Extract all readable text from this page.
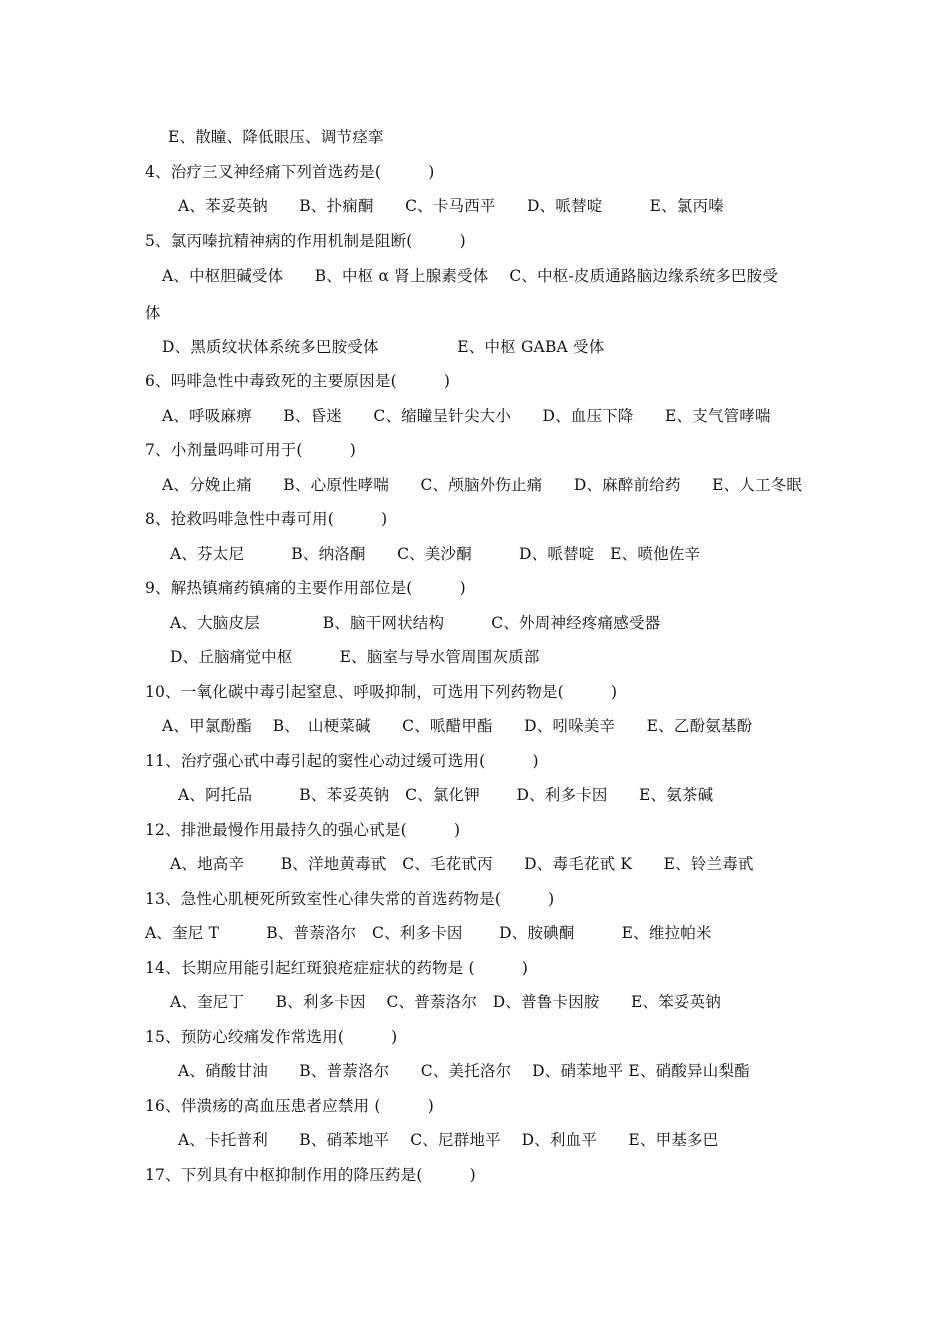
E、散瞳、降低眼压、调节痉挛
4、治疗三叉神经痛下列首选药是(　　　)
A、苯妥英钠　　B、扑痫酮　　C、卡马西平　　D、哌替啶　　　E、氯丙嗪
5、氯丙嗪抗精神病的作用机制是阻断(　　　)
A、中枢胆碱受体　　B、中枢 α 肾上腺素受体　 C、中枢-皮质通路脑边缘系统多巴胺受
体
D、黑质纹状体系统多巴胺受体　　　　　E、中枢 GABA 受体
6、吗啡急性中毒致死的主要原因是(　　　)
A、呼吸麻痹　　B、昏迷　　C、缩瞳呈针尖大小　　D、血压下降　　E、支气管哮喘
7、小剂量吗啡可用于(　　　)
A、分娩止痛　　B、心原性哮喘　　C、颅脑外伤止痛　　D、麻醉前给药　　E、人工冬眠
8、抢救吗啡急性中毒可用(　　　)
A、芬太尼　　　B、纳洛酮　　C、美沙酮　　　D、哌替啶　E、喷他佐辛
9、解热镇痛药镇痛的主要作用部位是(　　　)
A、大脑皮层　　　　B、脑干网状结构　　　C、外周神经疼痛感受器
D、丘脑痛觉中枢　　　E、脑室与导水管周围灰质部
10、一氧化碳中毒引起窒息、呼吸抑制，可选用下列药物是(　　　)
A、甲氯酚酯　 B、　山梗菜碱　　C、哌醋甲酯　　D、吲哚美辛　　E、乙酚氨基酚
11、治疗强心甙中毒引起的窦性心动过缓可选用(　　　)
A、阿托品　　　B、苯妥英钠　C、氯化钾　　 D、利多卡因　　E、氨茶碱
12、排泄最慢作用最持久的强心甙是(　　　)
A、地高辛　　 B、洋地黄毒甙　C、毛花甙丙　　D、毒毛花甙 K　　E、铃兰毒甙
13、急性心肌梗死所致室性心律失常的首选药物是(　　　)
A、奎尼 T　　　B、普萘洛尔　C、利多卡因　　 D、胺碘酮　　　E、维拉帕米
14、长期应用能引起红斑狼疮症症状的药物是 (　　　)
A、奎尼丁　　B、利多卡因　 C、普萘洛尔　D、普鲁卡因胺　　E、笨妥英钠
15、预防心绞痛发作常选用(　　　)
A、硝酸甘油　　B、普萘洛尔　　C、美托洛尔　 D、硝苯地平 E、硝酸异山梨酯
16、伴溃疡的高血压患者应禁用 (　　　)
A、卡托普利　　B、硝苯地平　 C、尼群地平　 D、利血平　　E、甲基多巴
17、下列具有中枢抑制作用的降压药是(　　　)
